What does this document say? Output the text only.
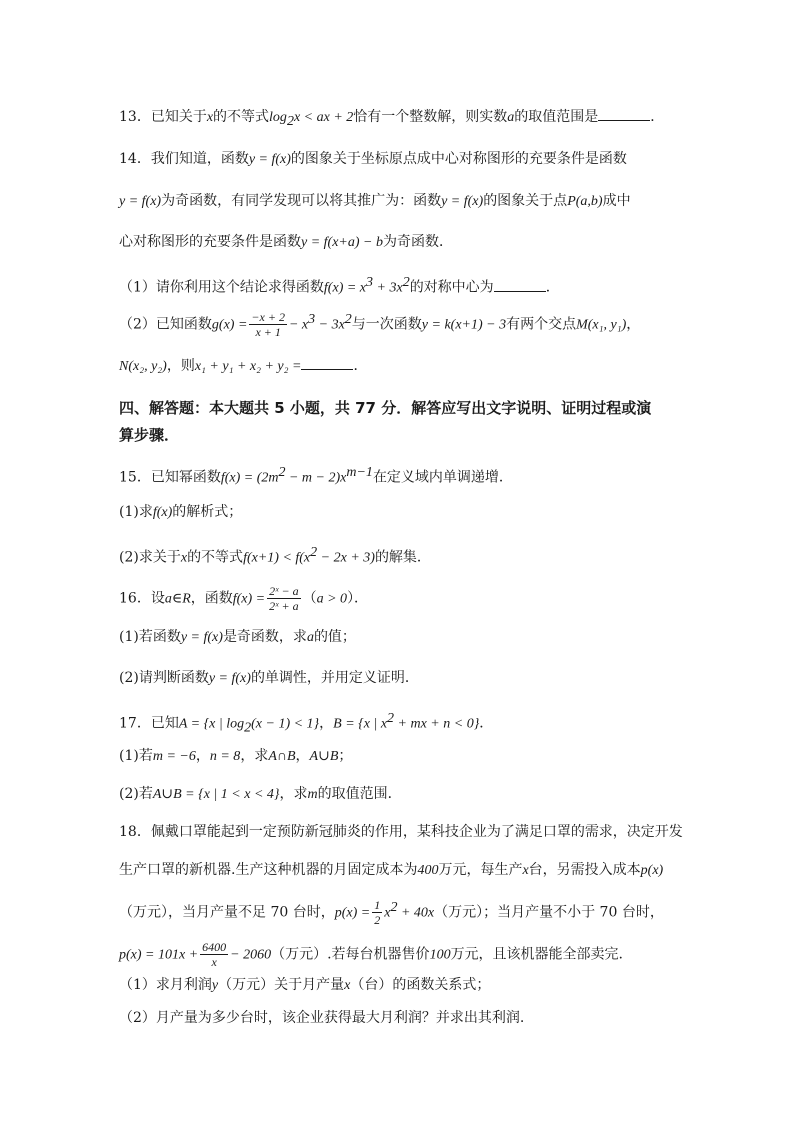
13．已知关于x的不等式$\log_2x$ < ax + 2恰有一个整数解，则实数a的取值范围是	．
14．我们知道，函数y = f(x)的图象关于坐标原点成中心对称图形的充要条件是函数
y = f(x)为奇函数，有同学发现可以将其推广为：函数y = f(x)的图象关于点P(a,b)成中
心对称图形的充要条件是函数y = f(x+a) − b为奇函数．
（1）请你利用这个结论求得函数$f(x) = x^3 + 3x^2$的对称中心为	．
（2）已知函数$g(x) = \frac{-x + 2}{x + 1} - x^3 - 3x^2$与一次函数y = k(x+1) − 3有两个交点M(x₁, y₁)，
N(x₂, y₂)，则x₁ + y₁ + x₂ + y₂ =	．
四、解答题：本大题共 5 小题，共 77 分．解答应写出文字说明、证明过程或演
算步骤．
15．已知幂函数$f(x) = (2m^2 - m - 2)x^{m-1}$在定义域内单调递增．
(1)求f(x)的解析式；
(2)求关于x的不等式$f(x+1) < f(x^2 - 2x + 3)$的解集．
16．设a∈R，函数$f(x) = \frac{\text{2ˣ − a}}{\text{2ˣ + a}} (a > 0)$．
(1)若函数y = f(x)是奇函数，求a的值；
(2)请判断函数y = f(x)的单调性，并用定义证明．
17．已知A = {x | $\log_2(x - 1) < 1$}，B = {x | $x^2$ + mx + n < 0}．
(1)若m = −6，n = 8，求A∩B，A∪B；
(2)若A∪B = {x | 1 < x < 4}，求m的取值范围．
18．佩戴口罩能起到一定预防新冠肺炎的作用，某科技企业为了满足口罩的需求，决定开发
生产口罩的新机器.生产这种机器的月固定成本为400万元，每生产x台，另需投入成本p(x)
（万元），当月产量不足 70 台时，$p(x) = \frac{1}{2} x^2 + 40x$（万元）；当月产量不小于 70 台时，
$p(x) = 101x + \frac{6400}{x} - 2060$（万元）.若每台机器售价100万元，且该机器能全部卖完.
（1）求月利润y（万元）关于月产量x（台）的函数关系式；
（2）月产量为多少台时，该企业获得最大月利润？并求出其利润.
